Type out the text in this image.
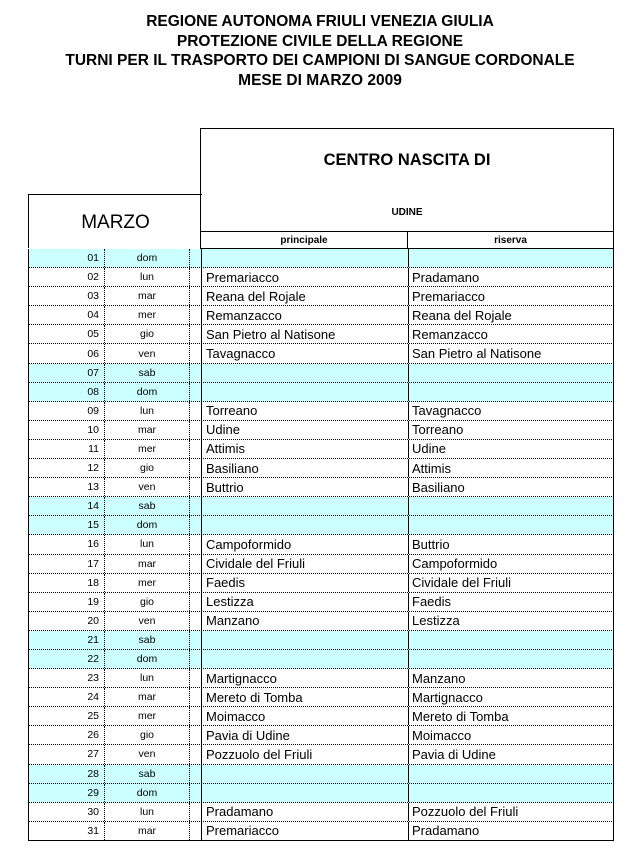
REGIONE AUTONOMA FRIULI VENEZIA GIULIA
PROTEZIONE CIVILE DELLA REGIONE
TURNI PER IL TRASPORTO DEI CAMPIONI DI SANGUE CORDONALE
MESE DI MARZO 2009
CENTRO NASCITA DI
UDINE
MARZO
principale	riserva
01	dom
02	lun	Premariacco	Pradamano
03	mar	Reana del Rojale	Premariacco
04	mer	Remanzacco	Reana del Rojale
05	gio	San Pietro al Natisone	Remanzacco
06	ven	Tavagnacco	San Pietro al Natisone
07	sab
08	dom
09	lun	Torreano	Tavagnacco
10	mar	Udine	Torreano
11	mer	Attimis	Udine
12	gio	Basiliano	Attimis
13	ven	Buttrio	Basiliano
14	sab
15	dom
16	lun	Campoformido	Buttrio
17	mar	Cividale del Friuli	Campoformido
18	mer	Faedis	Cividale del Friuli
19	gio	Lestizza	Faedis
20	ven	Manzano	Lestizza
21	sab
22	dom
23	lun	Martignacco	Manzano
24	mar	Mereto di Tomba	Martignacco
25	mer	Moimacco	Mereto di Tomba
26	gio	Pavia di Udine	Moimacco
27	ven	Pozzuolo del Friuli	Pavia di Udine
28	sab
29	dom
30	lun	Pradamano	Pozzuolo del Friuli
31	mar	Premariacco	Pradamano
